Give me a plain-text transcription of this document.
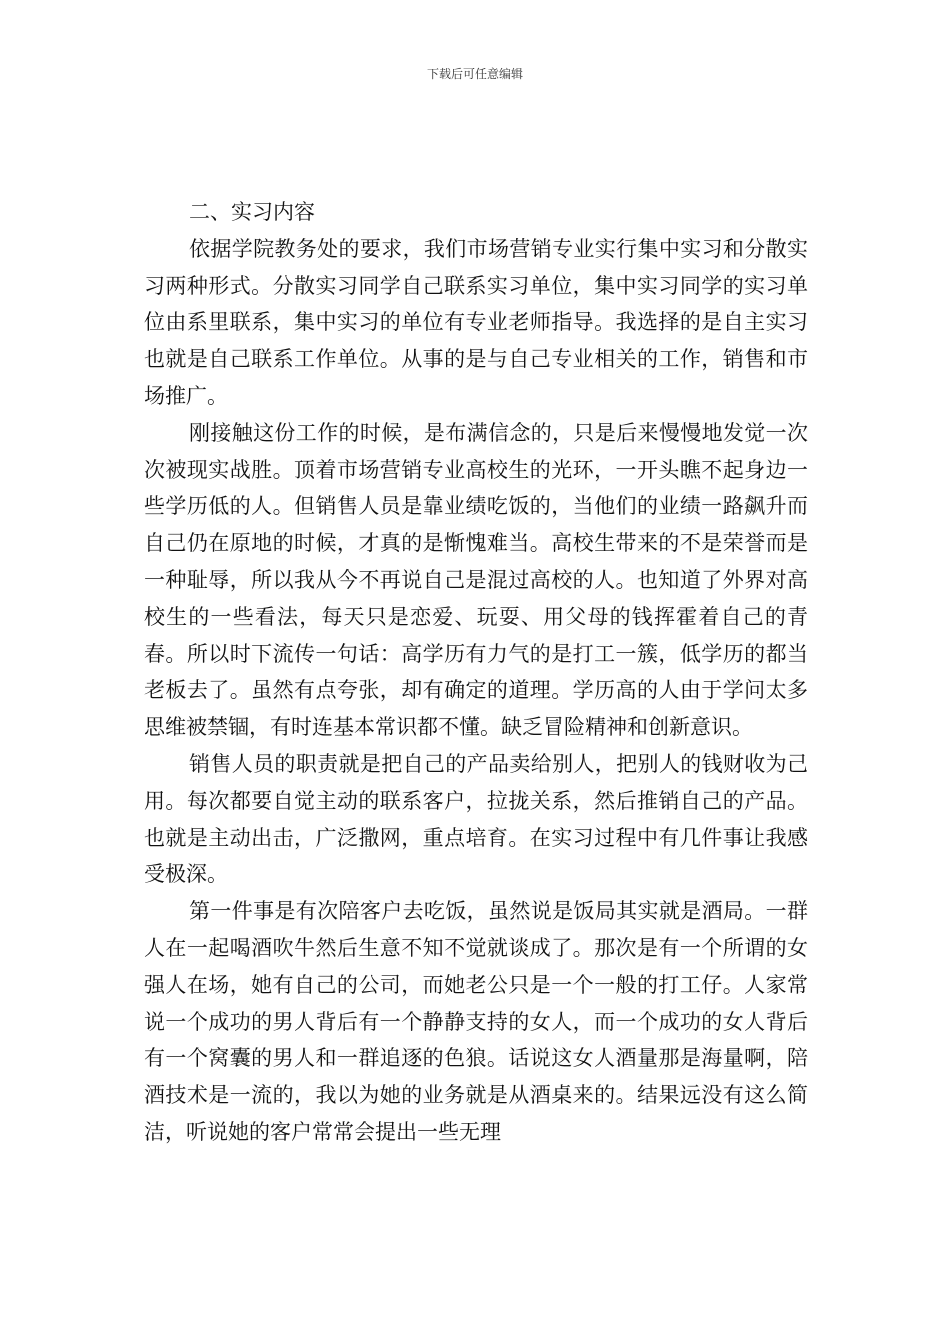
下载后可任意编辑

二、实习内容

依据学院教务处的要求，我们市场营销专业实行集中实习和分散实习两种形式。分散实习同学自己联系实习单位，集中实习同学的实习单位由系里联系，集中实习的单位有专业老师指导。我选择的是自主实习也就是自己联系工作单位。从事的是与自己专业相关的工作，销售和市场推广。

刚接触这份工作的时候，是布满信念的，只是后来慢慢地发觉一次次被现实战胜。顶着市场营销专业高校生的光环，一开头瞧不起身边一些学历低的人。但销售人员是靠业绩吃饭的，当他们的业绩一路飙升而自己仍在原地的时候，才真的是惭愧难当。高校生带来的不是荣誉而是一种耻辱，所以我从今不再说自己是混过高校的人。也知道了外界对高校生的一些看法，每天只是恋爱、玩耍、用父母的钱挥霍着自己的青春。所以时下流传一句话：高学历有力气的是打工一簇，低学历的都当老板去了。虽然有点夸张，却有确定的道理。学历高的人由于学问太多思维被禁锢，有时连基本常识都不懂。缺乏冒险精神和创新意识。

销售人员的职责就是把自己的产品卖给别人，把别人的钱财收为己用。每次都要自觉主动的联系客户，拉拢关系，然后推销自己的产品。也就是主动出击，广泛撒网，重点培育。在实习过程中有几件事让我感受极深。

第一件事是有次陪客户去吃饭，虽然说是饭局其实就是酒局。一群人在一起喝酒吹牛然后生意不知不觉就谈成了。那次是有一个所谓的女强人在场，她有自己的公司，而她老公只是一个一般的打工仔。人家常说一个成功的男人背后有一个静静支持的女人，而一个成功的女人背后有一个窝囊的男人和一群追逐的色狼。话说这女人酒量那是海量啊，陪酒技术是一流的，我以为她的业务就是从酒桌来的。结果远没有这么简洁，听说她的客户常常会提出一些无理
